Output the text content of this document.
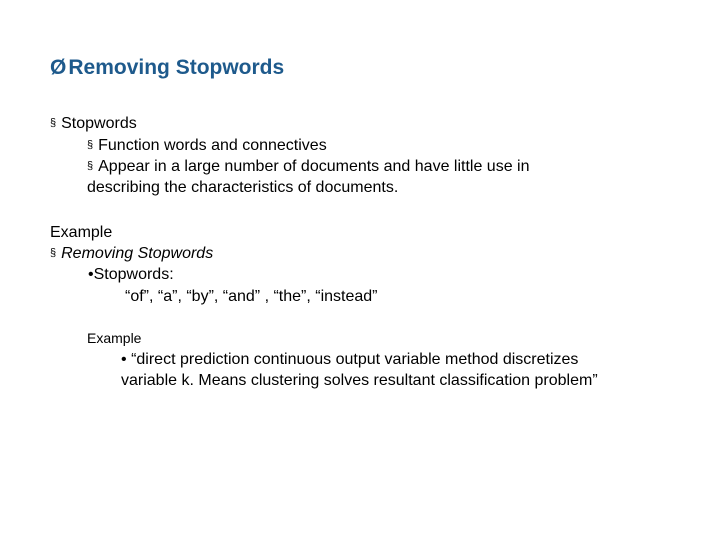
ØRemoving Stopwords
§ Stopwords
§ Function words and connectives
§ Appear in a large number of documents and have little use in
describing the characteristics of documents.
Example
§ Removing Stopwords
•Stopwords:
“of”, “a”, “by”, “and” , “the”, “instead”
Example
• “direct prediction continuous output variable method discretizes
variable k. Means clustering solves resultant classification problem”
